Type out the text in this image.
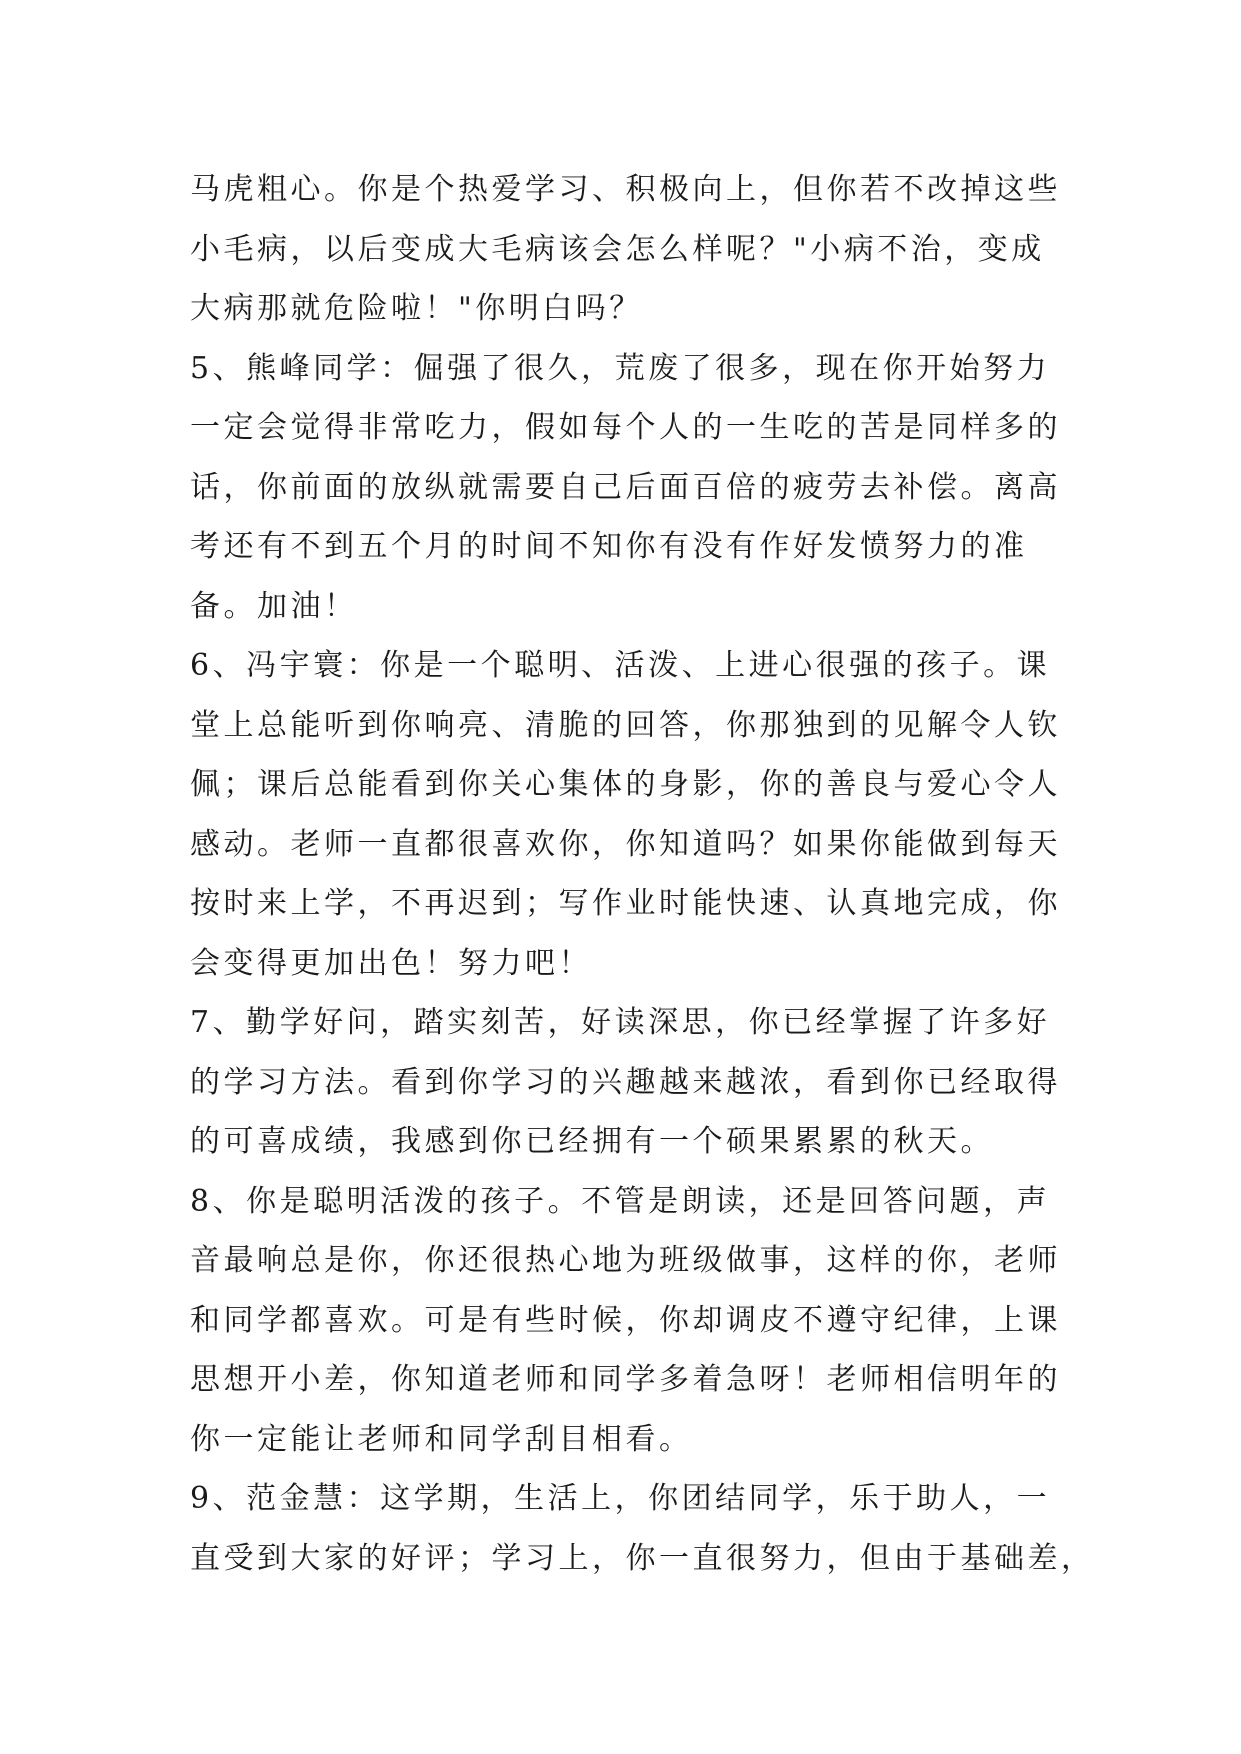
马虎粗心。你是个热爱学习、积极向上，但你若不改掉这些
小毛病，以后变成大毛病该会怎么样呢？"小病不治，变成
大病那就危险啦！"你明白吗？
5、熊峰同学：倔强了很久，荒废了很多，现在你开始努力
一定会觉得非常吃力，假如每个人的一生吃的苦是同样多的
话，你前面的放纵就需要自己后面百倍的疲劳去补偿。离高
考还有不到五个月的时间不知你有没有作好发愤努力的准
备。加油！
6、冯宇寰：你是一个聪明、活泼、上进心很强的孩子。课
堂上总能听到你响亮、清脆的回答，你那独到的见解令人钦
佩；课后总能看到你关心集体的身影，你的善良与爱心令人
感动。老师一直都很喜欢你，你知道吗？如果你能做到每天
按时来上学，不再迟到；写作业时能快速、认真地完成，你
会变得更加出色！努力吧！
7、勤学好问，踏实刻苦，好读深思，你已经掌握了许多好
的学习方法。看到你学习的兴趣越来越浓，看到你已经取得
的可喜成绩，我感到你已经拥有一个硕果累累的秋天。
8、你是聪明活泼的孩子。不管是朗读，还是回答问题，声
音最响总是你，你还很热心地为班级做事，这样的你，老师
和同学都喜欢。可是有些时候，你却调皮不遵守纪律，上课
思想开小差，你知道老师和同学多着急呀！老师相信明年的
你一定能让老师和同学刮目相看。
9、范金慧：这学期，生活上，你团结同学，乐于助人，一
直受到大家的好评；学习上，你一直很努力，但由于基础差，
